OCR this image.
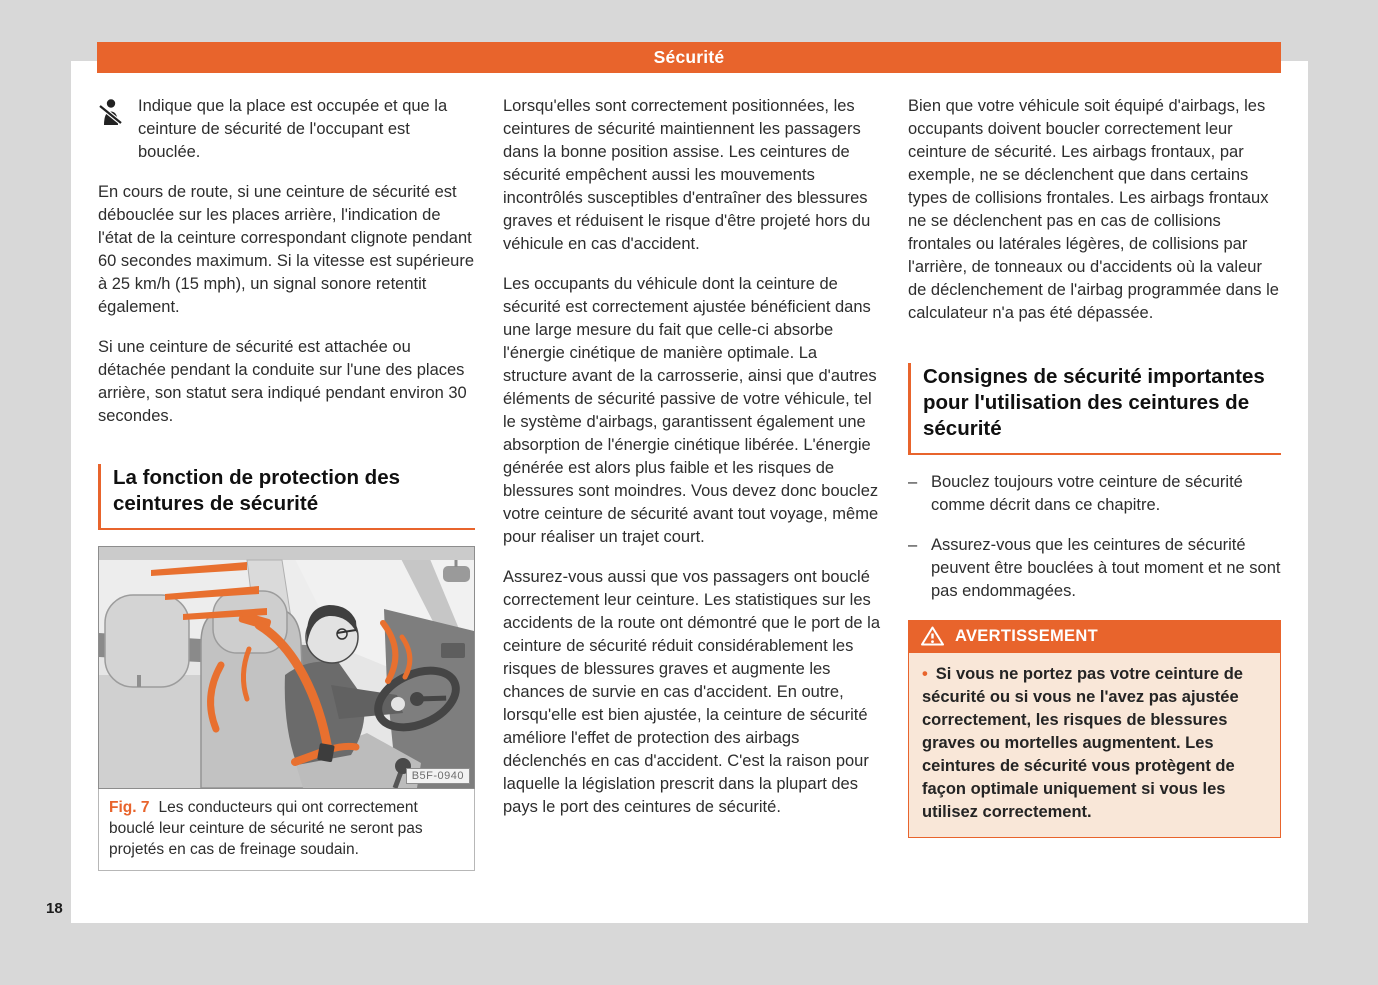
Sécurité
18

Indique que la place est occupée et que la ceinture de sécurité de l'occupant est bouclée.

En cours de route, si une ceinture de sécurité est débouclée sur les places arrière, l'indication de l'état de la ceinture correspondant clignote pendant 60 secondes maximum. Si la vitesse est supérieure à 25 km/h (15 mph), un signal sonore retentit également.

Si une ceinture de sécurité est attachée ou détachée pendant la conduite sur l'une des places arrière, son statut sera indiqué pendant environ 30 secondes.

La fonction de protection des ceintures de sécurité
B5F-0940
Fig. 7 Les conducteurs qui ont correctement bouclé leur ceinture de sécurité ne seront pas projetés en cas de freinage soudain.

Lorsqu'elles sont correctement positionnées, les ceintures de sécurité maintiennent les passagers dans la bonne position assise. Les ceintures de sécurité empêchent aussi les mouvements incontrôlés susceptibles d'entraîner des blessures graves et réduisent le risque d'être projeté hors du véhicule en cas d'accident.

Les occupants du véhicule dont la ceinture de sécurité est correctement ajustée bénéficient dans une large mesure du fait que celle-ci absorbe l'énergie cinétique de manière optimale. La structure avant de la carrosserie, ainsi que d'autres éléments de sécurité passive de votre véhicule, tel le système d'airbags, garantissent également une absorption de l'énergie cinétique libérée. L'énergie générée est alors plus faible et les risques de blessures sont moindres. Vous devez donc bouclez votre ceinture de sécurité avant tout voyage, même pour réaliser un trajet court.

Assurez-vous aussi que vos passagers ont bouclé correctement leur ceinture. Les statistiques sur les accidents de la route ont démontré que le port de la ceinture de sécurité réduit considérablement les risques de blessures graves et augmente les chances de survie en cas d'accident. En outre, lorsqu'elle est bien ajustée, la ceinture de sécurité améliore l'effet de protection des airbags déclenchés en cas d'accident. C'est la raison pour laquelle la législation prescrit dans la plupart des pays le port des ceintures de sécurité.

Bien que votre véhicule soit équipé d'airbags, les occupants doivent boucler correctement leur ceinture de sécurité. Les airbags frontaux, par exemple, ne se déclenchent que dans certains types de collisions frontales. Les airbags frontaux ne se déclenchent pas en cas de collisions frontales ou latérales légères, de collisions par l'arrière, de tonneaux ou d'accidents où la valeur de déclenchement de l'airbag programmée dans le calculateur n'a pas été dépassée.

Consignes de sécurité importantes pour l'utilisation des ceintures de sécurité
– Bouclez toujours votre ceinture de sécurité comme décrit dans ce chapitre.

– Assurez-vous que les ceintures de sécurité peuvent être bouclées à tout moment et ne sont pas endommagées.

AVERTISSEMENT
• Si vous ne portez pas votre ceinture de sécurité ou si vous ne l'avez pas ajustée correctement, les risques de blessures graves ou mortelles augmentent. Les ceintures de sécurité vous protègent de façon optimale uniquement si vous les utilisez correctement.
